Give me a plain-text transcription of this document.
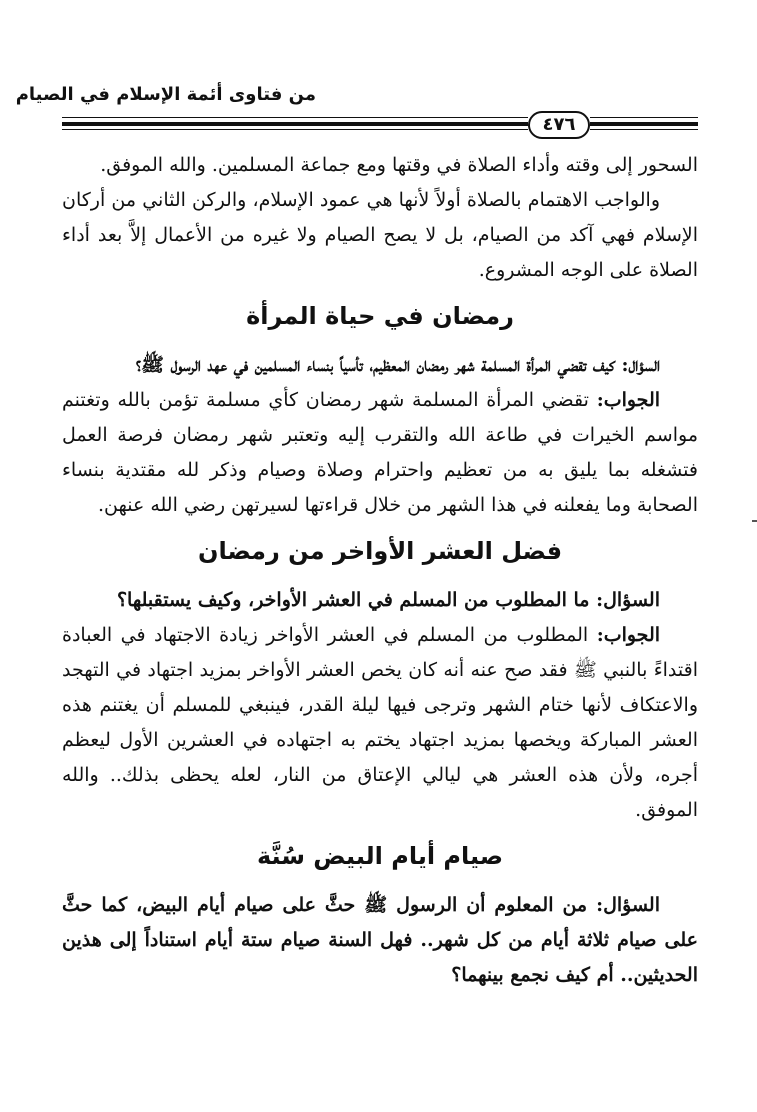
من فتاوى أئمة الإسلام في الصيام
٤٧٦

السحور إلى وقته وأداء الصلاة في وقتها ومع جماعة المسلمين. والله الموفق.

والواجب الاهتمام بالصلاة أولاً لأنها هي عمود الإسلام، والركن الثاني من أركان الإسلام فهي آكد من الصيام، بل لا يصح الصيام ولا غيره من الأعمال إلاَّ بعد أداء الصلاة على الوجه المشروع.

رمضان في حياة المرأة

السؤال: كيف تقضي المرأة المسلمة شهر رمضان المعظيم، تأسياً بنساء المسلمين في عهد الرسول ﷺ؟

الجواب: تقضي المرأة المسلمة شهر رمضان كأي مسلمة تؤمن بالله وتغتنم مواسم الخيرات في طاعة الله والتقرب إليه وتعتبر شهر رمضان فرصة العمل فتشغله بما يليق به من تعظيم واحترام وصلاة وصيام وذكر لله مقتدية بنساء الصحابة وما يفعلنه في هذا الشهر من خلال قراءتها لسيرتهن رضي الله عنهن.

فضل العشر الأواخر من رمضان

السؤال: ما المطلوب من المسلم في العشر الأواخر، وكيف يستقبلها؟

الجواب: المطلوب من المسلم في العشر الأواخر زيادة الاجتهاد في العبادة اقتداءً بالنبي ﷺ فقد صح عنه أنه كان يخص العشر الأواخر بمزيد اجتهاد في التهجد والاعتكاف لأنها ختام الشهر وترجى فيها ليلة القدر، فينبغي للمسلم أن يغتنم هذه العشر المباركة ويخصها بمزيد اجتهاد يختم به اجتهاده في العشرين الأول ليعظم أجره، ولأن هذه العشر هي ليالي الإعتاق من النار، لعله يحظى بذلك.. والله الموفق.

صيام أيام البيض سُنَّة

السؤال: من المعلوم أن الرسول ﷺ حثَّ على صيام أيام البيض، كما حثَّ على صيام ثلاثة أيام من كل شهر.. فهل السنة صيام ستة أيام استناداً إلى هذين الحديثين.. أم كيف نجمع بينهما؟
